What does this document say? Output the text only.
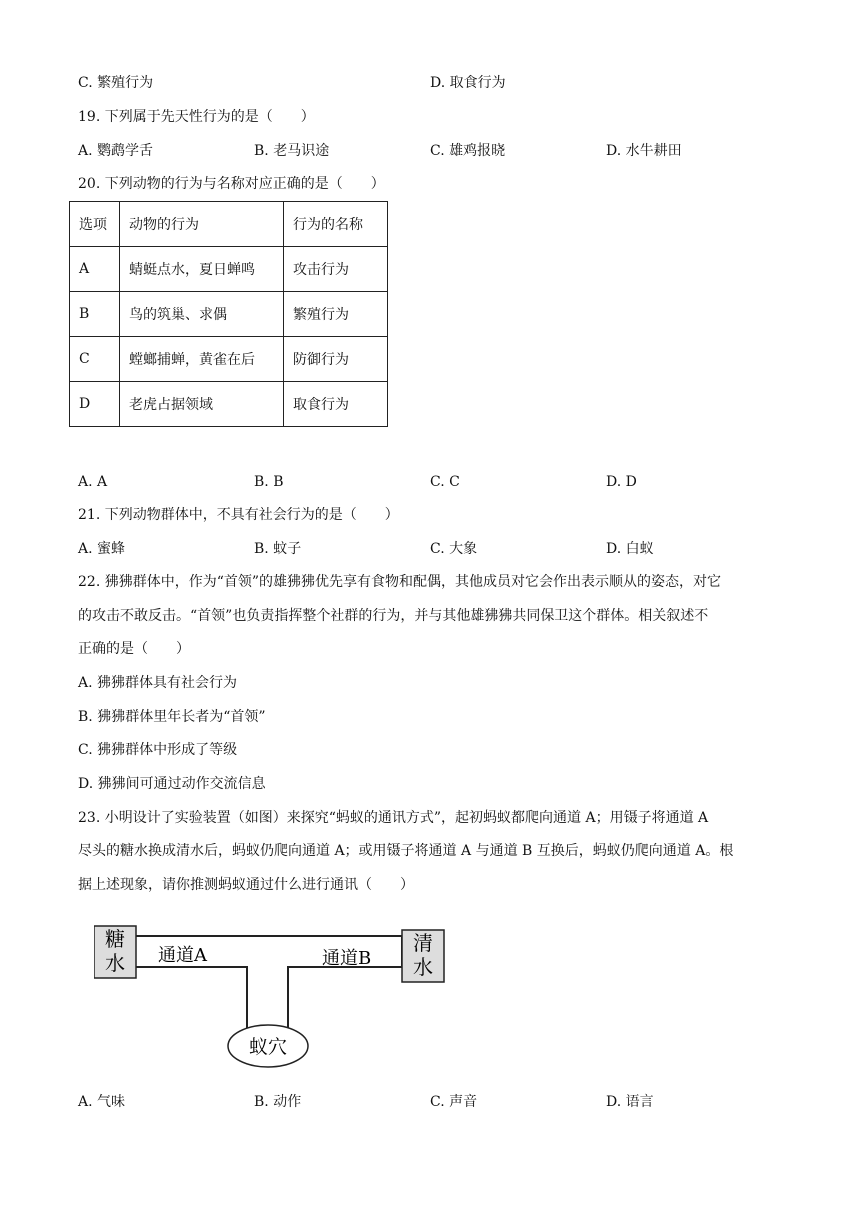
C. 繁殖行为	D. 取食行为
19. 下列属于先天性行为的是（　　）
A. 鹦鹉学舌	B. 老马识途	C. 雄鸡报晓	D. 水牛耕田
20. 下列动物的行为与名称对应正确的是（　　）
选项	动物的行为	行为的名称
A	蜻蜓点水，夏日蝉鸣	攻击行为
B	鸟的筑巢、求偶	繁殖行为
C	螳螂捕蝉，黄雀在后	防御行为
D	老虎占据领域	取食行为
A. A	B. B	C. C	D. D
21. 下列动物群体中，不具有社会行为的是（　　）
A. 蜜蜂	B. 蚊子	C. 大象	D. 白蚁
22. 狒狒群体中，作为“首领”的雄狒狒优先享有食物和配偶，其他成员对它会作出表示顺从的姿态，对它
的攻击不敢反击。“首领”也负责指挥整个社群的行为，并与其他雄狒狒共同保卫这个群体。相关叙述不
正确的是（　　）
A. 狒狒群体具有社会行为
B. 狒狒群体里年长者为“首领”
C. 狒狒群体中形成了等级
D. 狒狒间可通过动作交流信息
23. 小明设计了实验装置（如图）来探究“蚂蚁的通讯方式”，起初蚂蚁都爬向通道 A；用镊子将通道 A
尽头的糖水换成清水后，蚂蚁仍爬向通道 A；或用镊子将通道 A 与通道 B 互换后，蚂蚁仍爬向通道 A。根
据上述现象，请你推测蚂蚁通过什么进行通讯（　　）
糖
水
清
水
通道A	通道B
蚁穴
A. 气味	B. 动作	C. 声音	D. 语言
